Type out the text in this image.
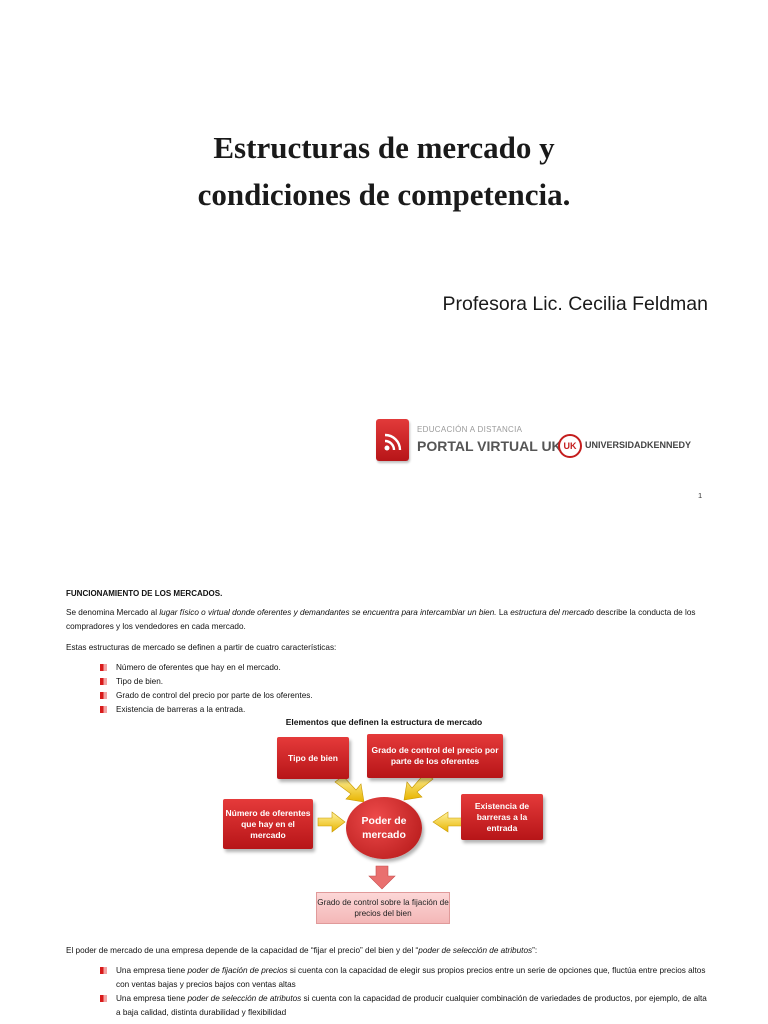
Estructuras de mercado y
condiciones de competencia.
Profesora Lic. Cecilia Feldman
EDUCACIÓN A DISTANCIA
PORTAL VIRTUAL UK UK UNIVERSIDADKENNEDY
1
FUNCIONAMIENTO DE LOS MERCADOS.
Se denomina Mercado al lugar físico o virtual donde oferentes y demandantes se encuentra para intercambiar un bien. La estructura del mercado describe la conducta de los compradores y los vendedores en cada mercado.
Estas estructuras de mercado se definen a partir de cuatro características:
Número de oferentes que hay en el mercado.
Tipo de bien.
Grado de control del precio por parte de los oferentes.
Existencia de barreras a la entrada.
Elementos que definen la estructura de mercado
Tipo de bien
Grado de control del precio por parte de los oferentes
Número de oferentes que hay en el mercado
Existencia de barreras a la entrada
Poder de mercado
Grado de control sobre la fijación de precios del bien
El poder de mercado de una empresa depende de la capacidad de “fijar el precio” del bien y del “poder de selección de atributos”:
Una empresa tiene poder de fijación de precios si cuenta con la capacidad de elegir sus propios precios entre un serie de opciones que, fluctúa entre precios altos con ventas bajas y precios bajos con ventas altas
Una empresa tiene poder de selección de atributos si cuenta con la capacidad de producir cualquier combinación de variedades de productos, por ejemplo, de alta a baja calidad, distinta durabilidad y flexibilidad
